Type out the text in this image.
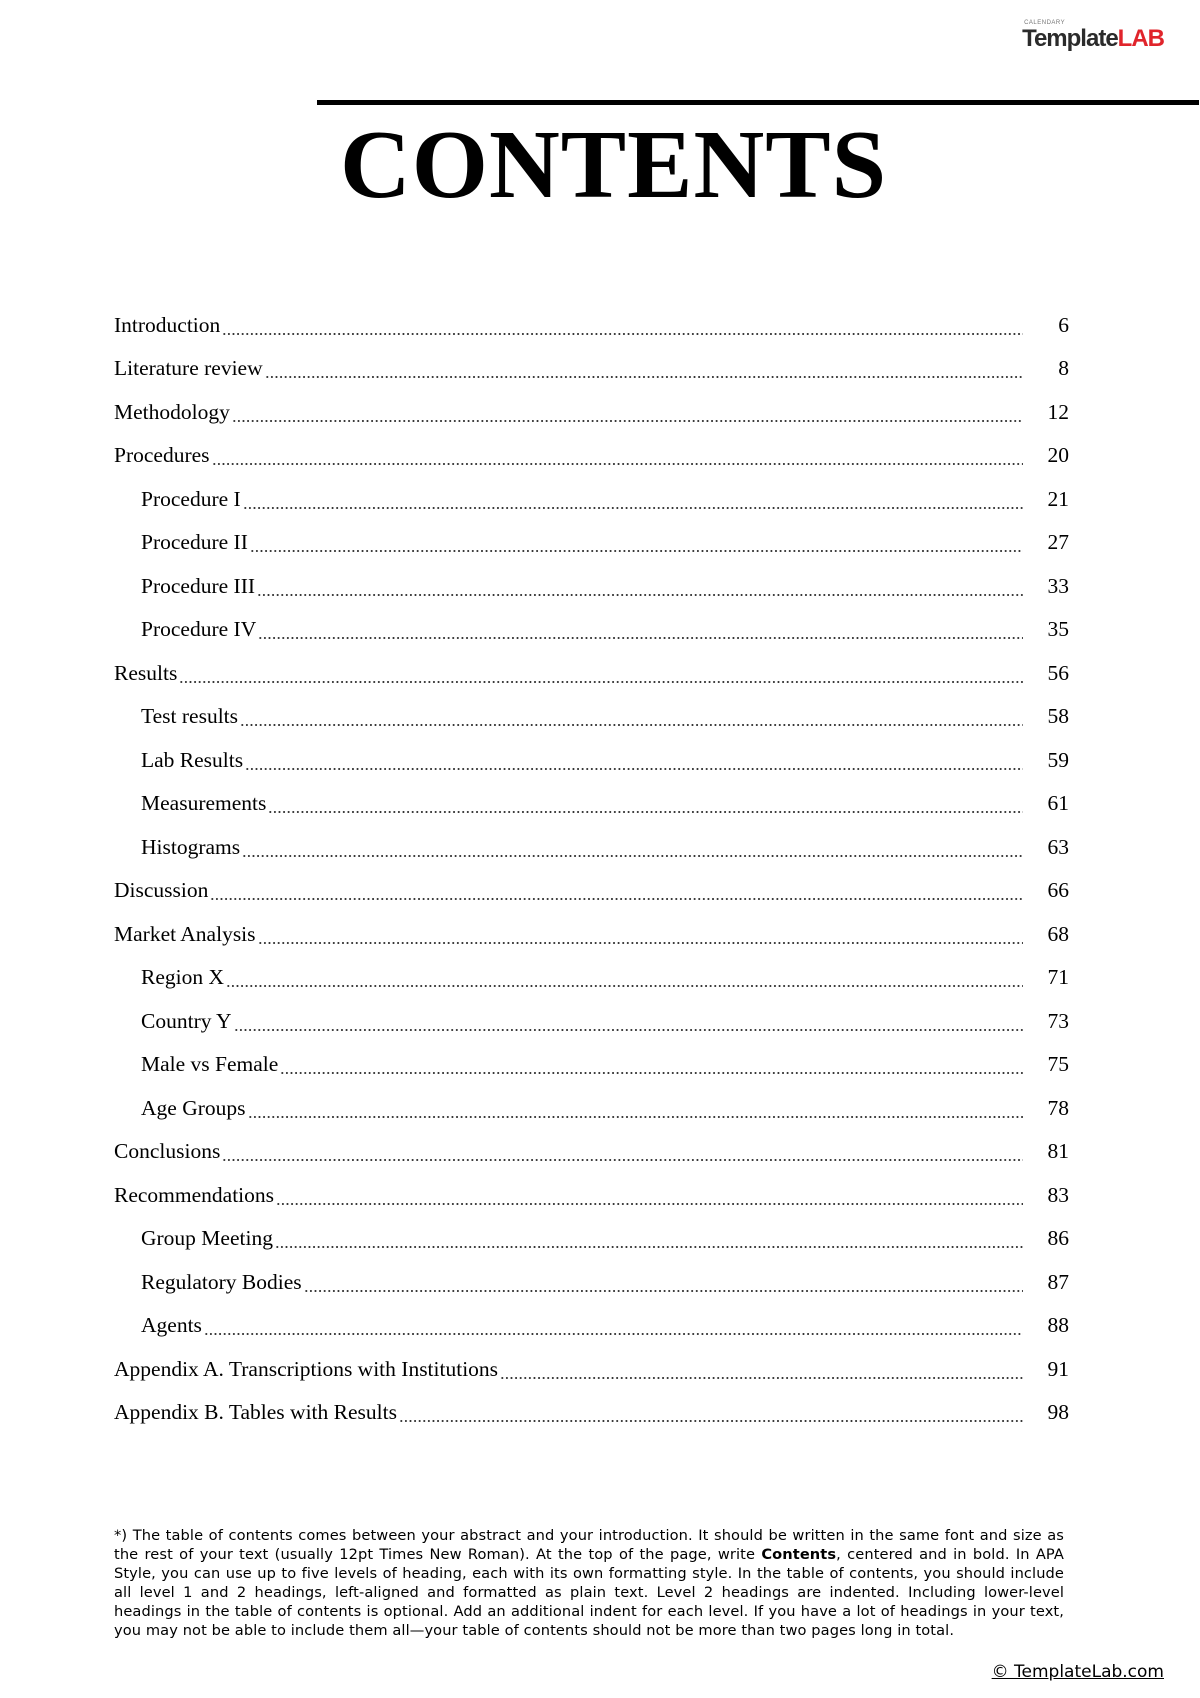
CALENDARY
TemplateLAB
CONTENTS
Introduction	6
Literature review	8
Methodology	12
Procedures	20
Procedure I	21
Procedure II	27
Procedure III	33
Procedure IV	35
Results	56
Test results	58
Lab Results	59
Measurements	61
Histograms	63
Discussion	66
Market Analysis	68
Region X	71
Country Y	73
Male vs Female	75
Age Groups	78
Conclusions	81
Recommendations	83
Group Meeting	86
Regulatory Bodies	87
Agents	88
Appendix A. Transcriptions with Institutions	91
Appendix B. Tables with Results	98

*) The table of contents comes between your abstract and your introduction. It should be written in the same font and size as the rest of your text (usually 12pt Times New Roman). At the top of the page, write Contents, centered and in bold. In APA Style, you can use up to five levels of heading, each with its own formatting style. In the table of contents, you should include all level 1 and 2 headings, left-aligned and formatted as plain text. Level 2 headings are indented. Including lower-level headings in the table of contents is optional. Add an additional indent for each level. If you have a lot of headings in your text, you may not be able to include them all—your table of contents should not be more than two pages long in total.

© TemplateLab.com
